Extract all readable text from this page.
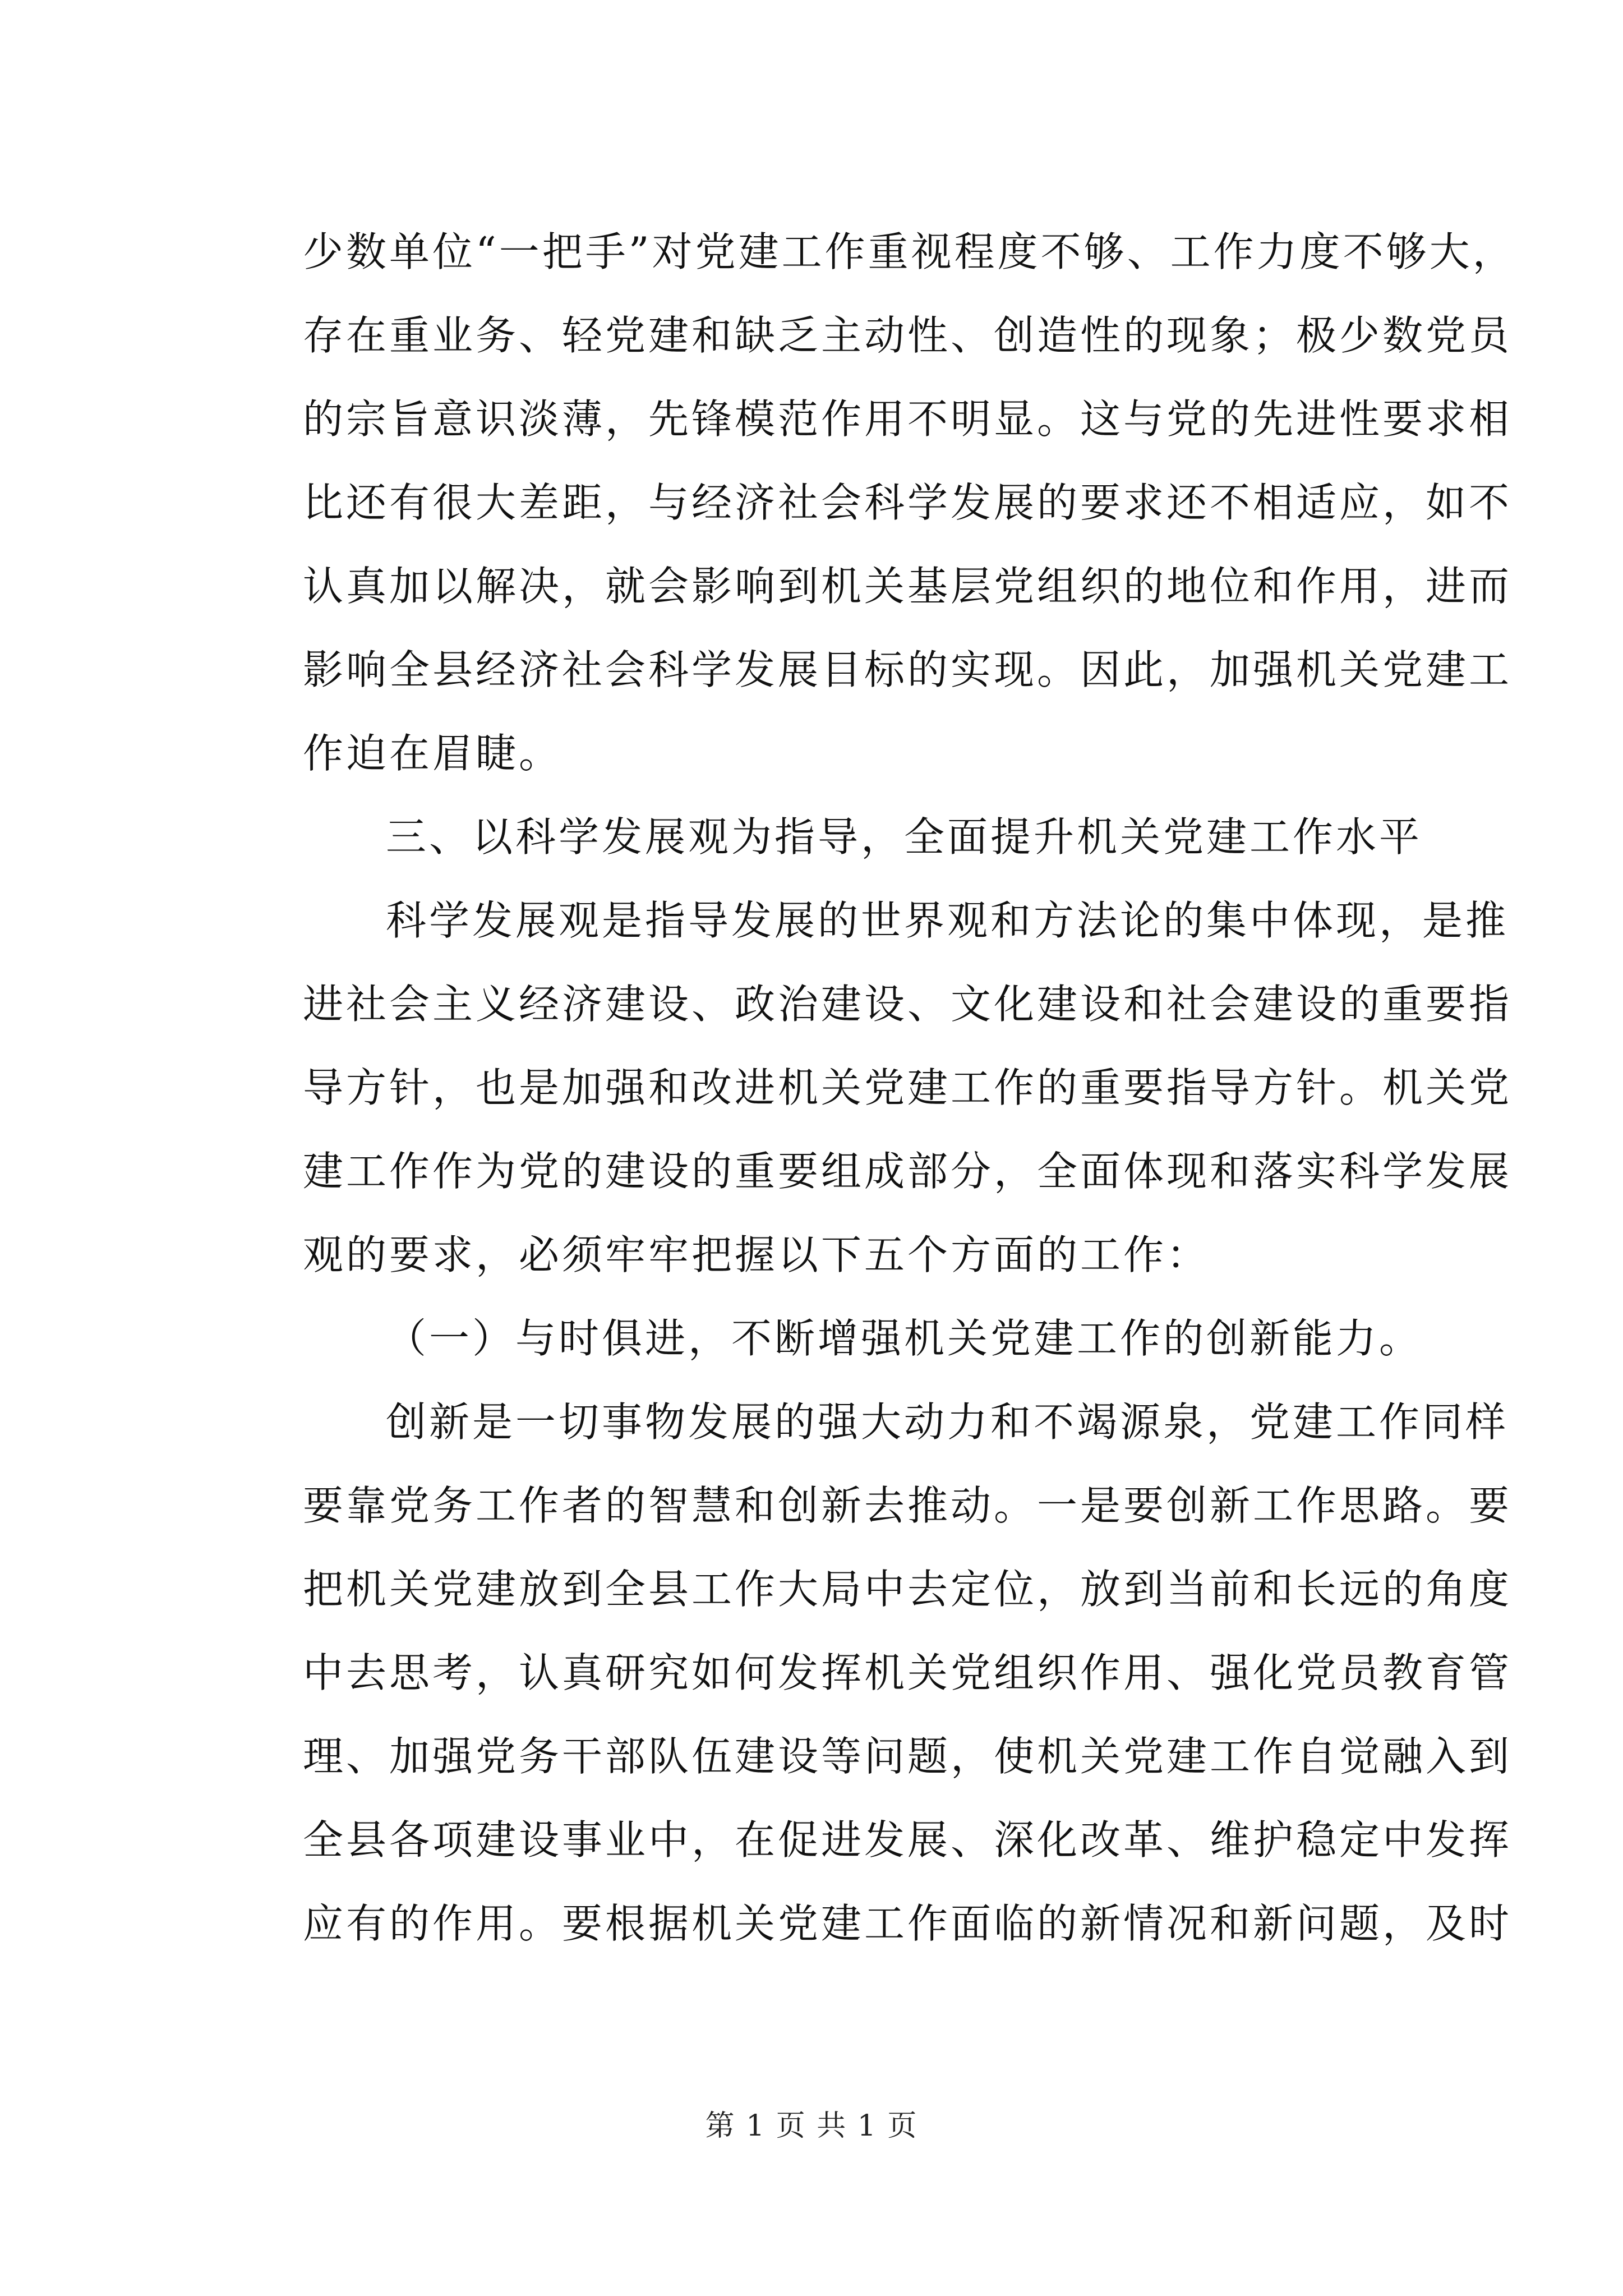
少数单位“一把手”对党建工作重视程度不够、工作力度不够大，
存在重业务、轻党建和缺乏主动性、创造性的现象；极少数党员
的宗旨意识淡薄，先锋模范作用不明显。这与党的先进性要求相
比还有很大差距，与经济社会科学发展的要求还不相适应，如不
认真加以解决，就会影响到机关基层党组织的地位和作用，进而
影响全县经济社会科学发展目标的实现。因此，加强机关党建工
作迫在眉睫。
三、以科学发展观为指导，全面提升机关党建工作水平
科学发展观是指导发展的世界观和方法论的集中体现，是推
进社会主义经济建设、政治建设、文化建设和社会建设的重要指
导方针，也是加强和改进机关党建工作的重要指导方针。机关党
建工作作为党的建设的重要组成部分，全面体现和落实科学发展
观的要求，必须牢牢把握以下五个方面的工作：
（一）与时俱进，不断增强机关党建工作的创新能力。
创新是一切事物发展的强大动力和不竭源泉，党建工作同样
要靠党务工作者的智慧和创新去推动。一是要创新工作思路。要
把机关党建放到全县工作大局中去定位，放到当前和长远的角度
中去思考，认真研究如何发挥机关党组织作用、强化党员教育管
理、加强党务干部队伍建设等问题，使机关党建工作自觉融入到
全县各项建设事业中，在促进发展、深化改革、维护稳定中发挥
应有的作用。要根据机关党建工作面临的新情况和新问题，及时
第 1 页 共 1 页
